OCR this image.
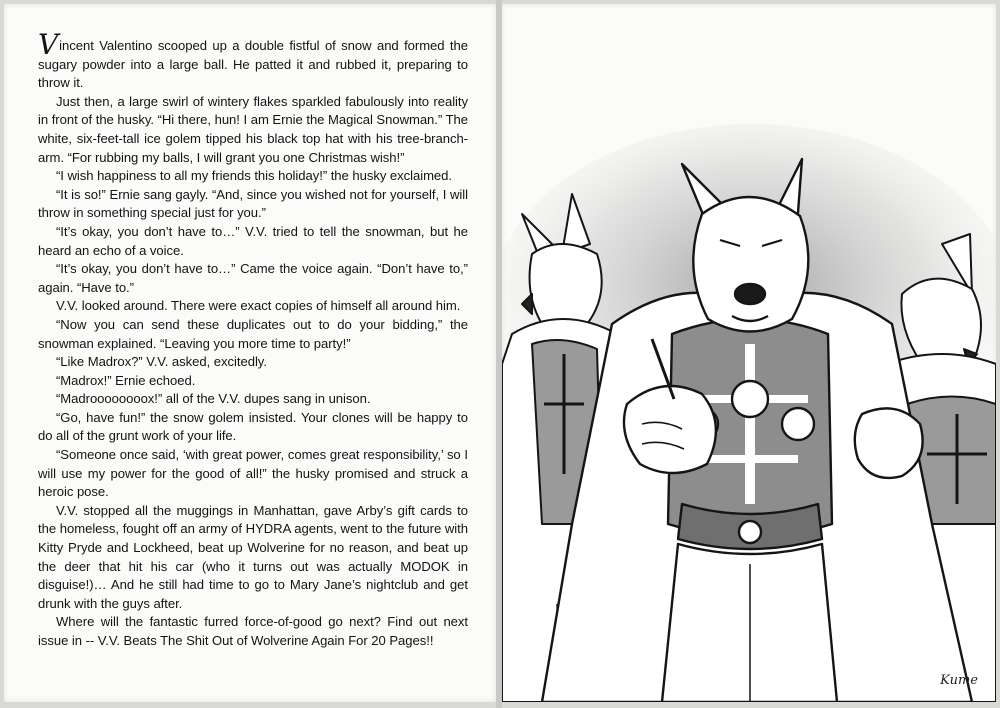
Vincent Valentino scooped up a double fistful of snow and formed the sugary powder into a large ball. He patted it and rubbed it, preparing to throw it.

Just then, a large swirl of wintery flakes sparkled fabulously into reality in front of the husky. “Hi there, hun! I am Ernie the Magical Snowman.” The white, six-feet-tall ice golem tipped his black top hat with his tree-branch-arm. “For rubbing my balls, I will grant you one Christmas wish!”

“I wish happiness to all my friends this holiday!” the husky exclaimed.

“It is so!” Ernie sang gayly. “And, since you wished not for yourself, I will throw in something special just for you.”

“It’s okay, you don’t have to…” V.V. tried to tell the snowman, but he heard an echo of a voice.

“It’s okay, you don’t have to…” Came the voice again. “Don’t have to,” again. “Have to.”

V.V. looked around. There were exact copies of himself all around him.

“Now you can send these duplicates out to do your bidding,” the snowman explained. “Leaving you more time to party!”

“Like Madrox?” V.V. asked, excitedly.

“Madrox!” Ernie echoed.

“Madroooooooox!” all of the V.V. dupes sang in unison.

“Go, have fun!” the snow golem insisted. Your clones will be happy to do all of the grunt work of your life.

“Someone once said, ‘with great power, comes great responsibility,’ so I will use my power for the good of all!” the husky promised and struck a heroic pose.

V.V. stopped all the muggings in Manhattan, gave Arby’s gift cards to the homeless, fought off an army of HYDRA agents, went to the future with Kitty Pryde and Lockheed, beat up Wolverine for no reason, and beat up the deer that hit his car (who it turns out was actually MODOK in disguise!)… And he still had time to go to Mary Jane’s nightclub and get drunk with the guys after.

Where will the fantastic furred force-of-good go next? Find out next issue in -- V.V. Beats The Shit Out of Wolverine Again For 20 Pages!!

Kume
